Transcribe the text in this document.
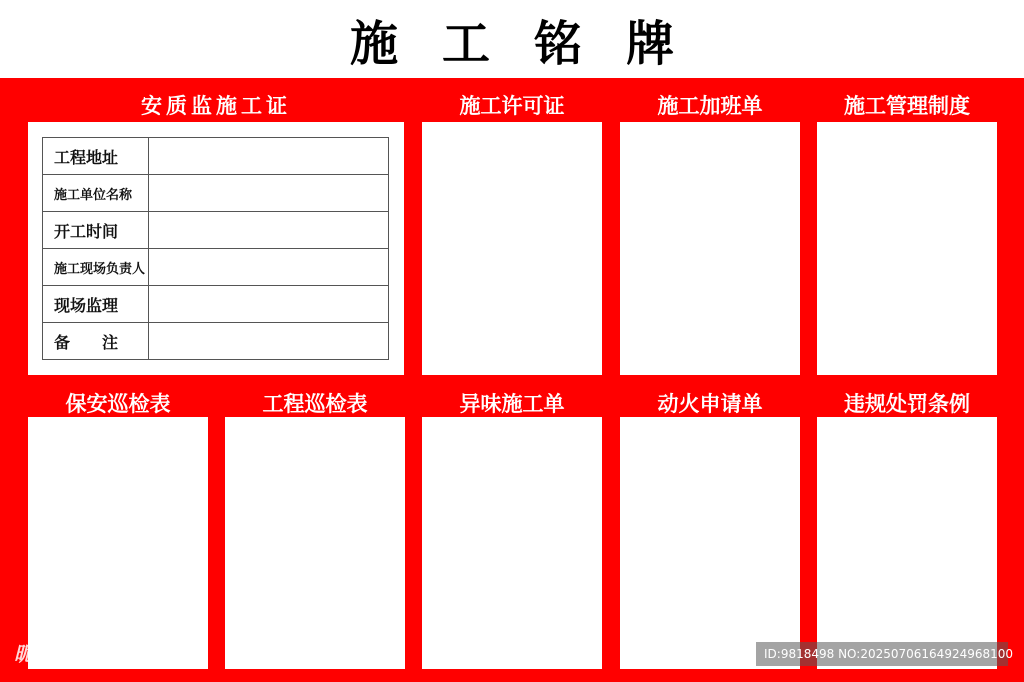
施工铭牌
安质监施工证	施工许可证	施工加班单	施工管理制度
工程地址	
施工单位名称	
开工时间	
施工现场负责人	
现场监理	
备　　注	
保安巡检表	工程巡检表	异味施工单	动火申请单	违规处罚条例
昵享网 www.nipic.cn	ID:9818498 NO:20250706164924968100
